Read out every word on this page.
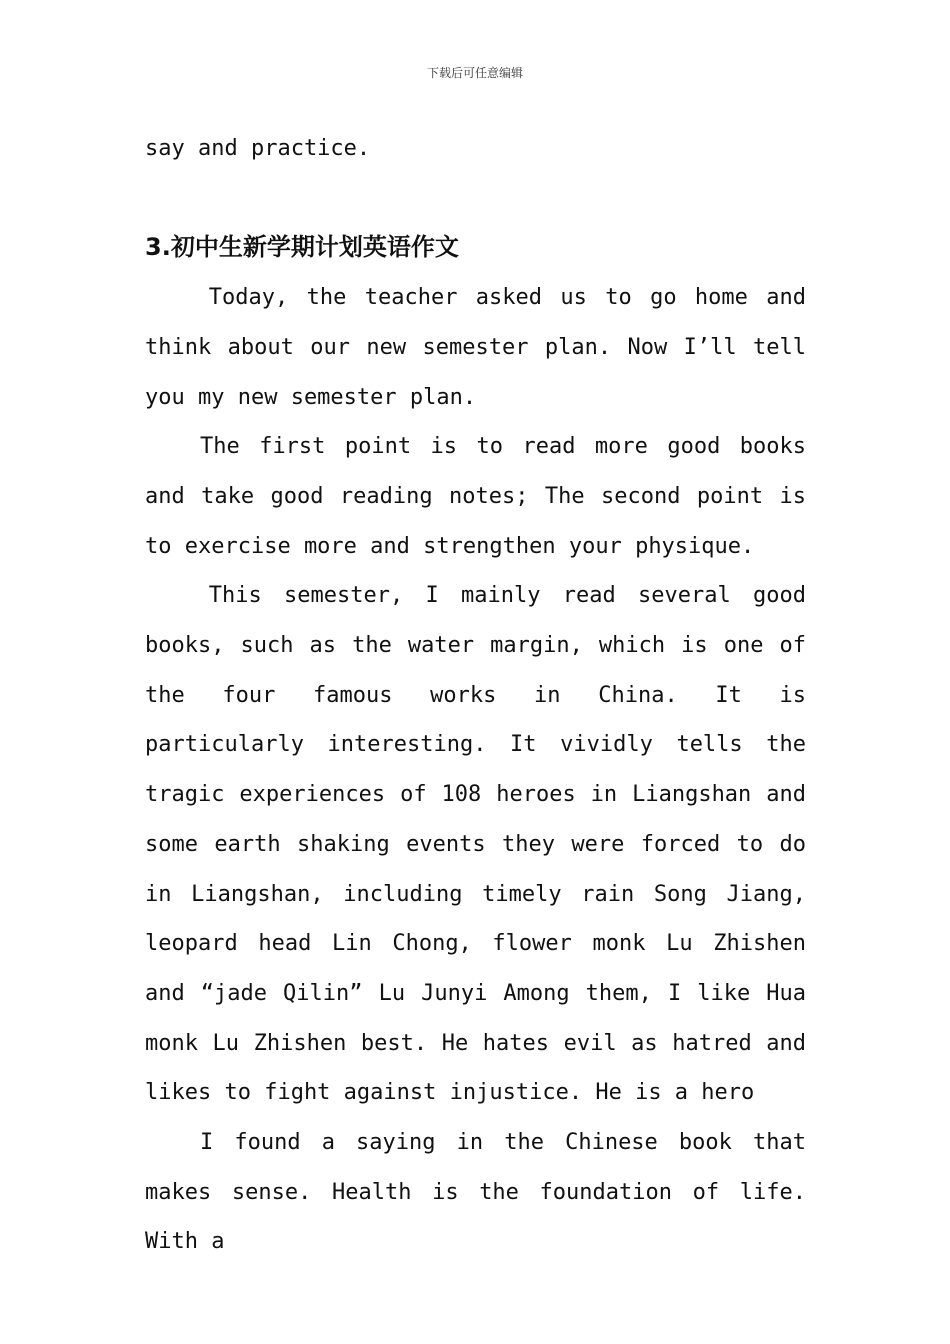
下载后可任意编辑

say and practice.

3.初中生新学期计划英语作文

Today, the teacher asked us to go home and think about our new semester plan. Now I’ll tell you my new semester plan.

The first point is to read more good books and take good reading notes; The second point is to exercise more and strengthen your physique.

This semester, I mainly read several good books, such as the water margin, which is one of the four famous works in China. It is particularly interesting. It vividly tells the tragic experiences of 108 heroes in Liangshan and some earth shaking events they were forced to do in Liangshan, including timely rain Song Jiang, leopard head Lin Chong, flower monk Lu Zhishen and “jade Qilin” Lu Junyi Among them, I like Hua monk Lu Zhishen best. He hates evil as hatred and likes to fight against injustice. He is a hero

I found a saying in the Chinese book that makes sense. Health is the foundation of life. With a
